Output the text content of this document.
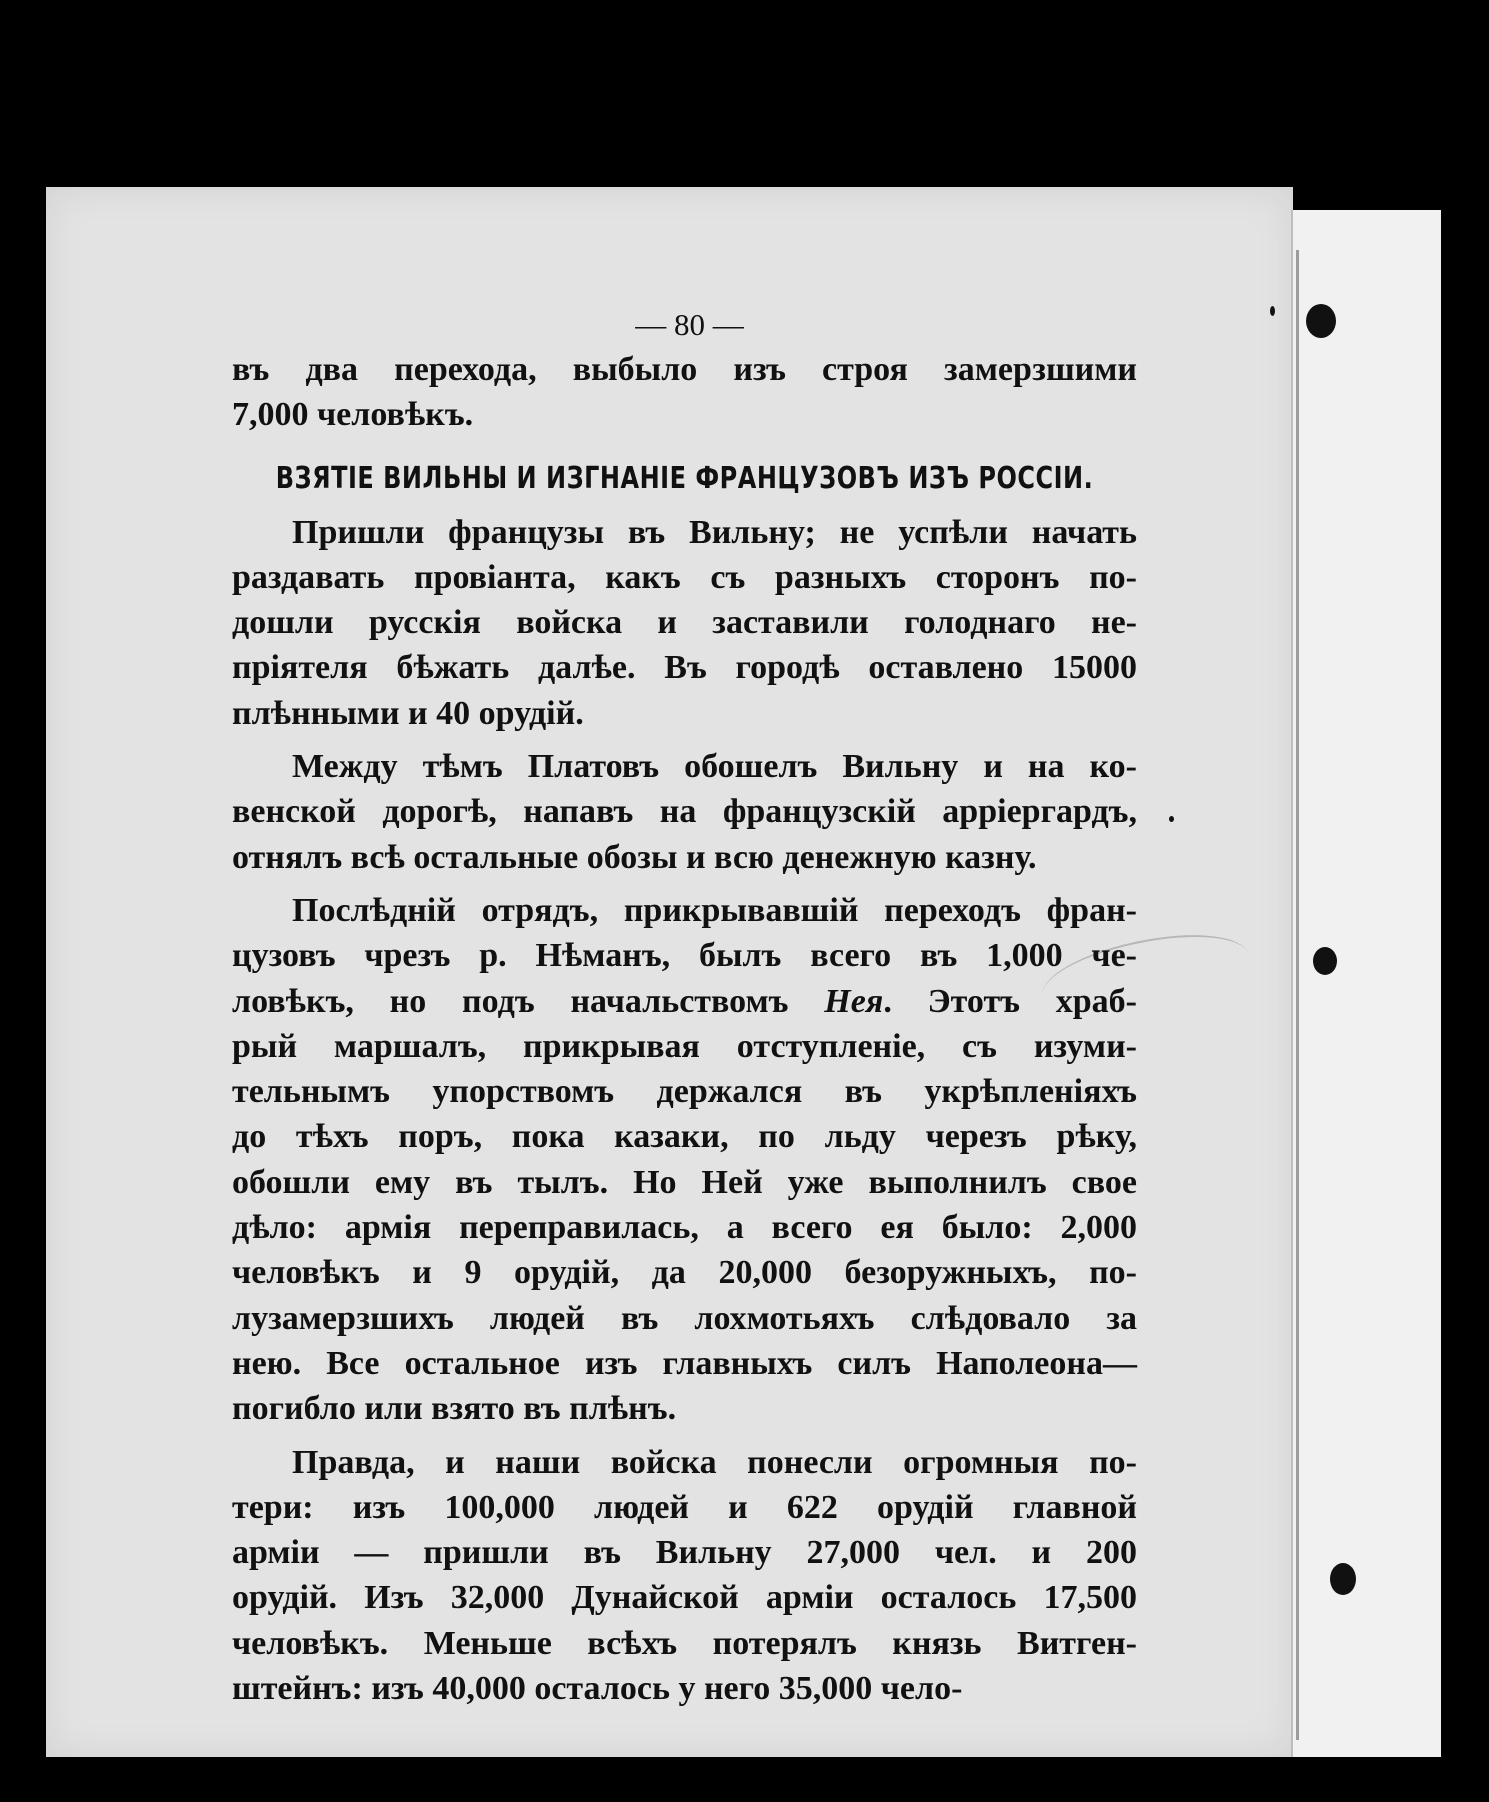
— 80 —
въ два перехода, выбыло изъ строя замерзшими
7,000 человѣкъ.
ВЗЯТІЕ ВИЛЬНЫ И ИЗГНАНІЕ ФРАНЦУЗОВЪ ИЗЪ РОССІИ.
Пришли французы въ Вильну; не успѣли начать
раздавать провіанта, какъ съ разныхъ сторонъ по-
дошли русскія войска и заставили голоднаго не-
пріятеля бѣжать далѣе. Въ городѣ оставлено 15000
плѣнными и 40 орудій.
Между тѣмъ Платовъ обошелъ Вильну и на ко-
венской дорогѣ, напавъ на французскій арріергардъ,
отнялъ всѣ остальные обозы и всю денежную казну.
Послѣдній отрядъ, прикрывавшій переходъ фран-
цузовъ чрезъ р. Нѣманъ, былъ всего въ 1,000 че-
ловѣкъ, но подъ начальствомъ Нея. Этотъ храб-
рый маршалъ, прикрывая отступленіе, съ изуми-
тельнымъ упорствомъ держался въ укрѣпленіяхъ
до тѣхъ поръ, пока казаки, по льду черезъ рѣку,
обошли ему въ тылъ. Но Ней уже выполнилъ свое
дѣло: армія переправилась, а всего ея было: 2,000
человѣкъ и 9 орудій, да 20,000 безоружныхъ, по-
лузамерзшихъ людей въ лохмотьяхъ слѣдовало за
нею. Все остальное изъ главныхъ силъ Наполеона—
погибло или взято въ плѣнъ.
Правда, и наши войска понесли огромныя по-
тери: изъ 100,000 людей и 622 орудій главной
арміи — пришли въ Вильну 27,000 чел. и 200
орудій. Изъ 32,000 Дунайской арміи осталось 17,500
человѣкъ. Меньше всѣхъ потерялъ князь Витген-
штейнъ: изъ 40,000 осталось у него 35,000 чело-
